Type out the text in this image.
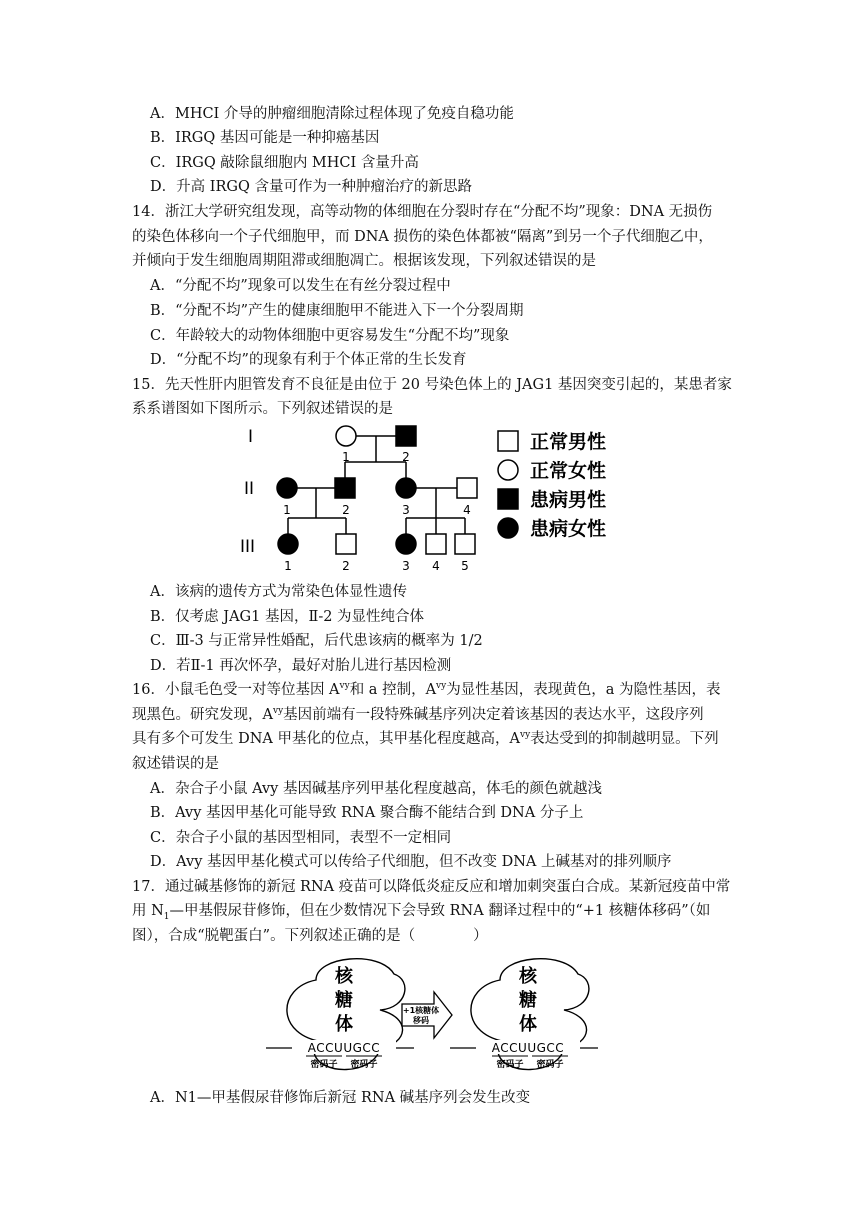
A．MHCI 介导的肿瘤细胞清除过程体现了免疫自稳功能
B．IRGQ 基因可能是一种抑癌基因
C．IRGQ 敲除鼠细胞内 MHCI 含量升高
D．升高 IRGQ 含量可作为一种肿瘤治疗的新思路
14．浙江大学研究组发现，高等动物的体细胞在分裂时存在“分配不均”现象：DNA 无损伤
的染色体移向一个子代细胞甲，而 DNA 损伤的染色体都被“隔离”到另一个子代细胞乙中，
并倾向于发生细胞周期阻滞或细胞凋亡。根据该发现，下列叙述错误的是
A．“分配不均”现象可以发生在有丝分裂过程中
B．“分配不均”产生的健康细胞甲不能进入下一个分裂周期
C．年龄较大的动物体细胞中更容易发生“分配不均”现象
D．“分配不均”的现象有利于个体正常的生长发育
15．先天性肝内胆管发育不良征是由位于 20 号染色体上的 JAG1 基因突变引起的，某患者家
系系谱图如下图所示。下列叙述错误的是
I
II
III
1	2
1	2	3	4
1	2	3 4 5
正常男性
正常女性
患病男性
患病女性
A．该病的遗传方式为常染色体显性遗传
B．仅考虑 JAG1 基因，Ⅱ-2 为显性纯合体
C．Ⅲ-3 与正常异性婚配，后代患该病的概率为 1/2
D．若Ⅱ-1 再次怀孕，最好对胎儿进行基因检测
16．小鼠毛色受一对等位基因 $A^{vy}$和 a 控制，$A^{vy}$为显性基因，表现黄色，a 为隐性基因，表
现黑色。研究发现，$A^{vy}$基因前端有一段特殊碱基序列决定着该基因的表达水平，这段序列
具有多个可发生 DNA 甲基化的位点，其甲基化程度越高，$A^{vy}$表达受到的抑制越明显。下列
叙述错误的是
A．杂合子小鼠 Avy 基因碱基序列甲基化程度越高，体毛的颜色就越浅
B．Avy 基因甲基化可能导致 RNA 聚合酶不能结合到 DNA 分子上
C．杂合子小鼠的基因型相同，表型不一定相同
D．Avy 基因甲基化模式可以传给子代细胞，但不改变 DNA 上碱基对的排列顺序
17．通过碱基修饰的新冠 RNA 疫苗可以降低炎症反应和增加刺突蛋白合成。某新冠疫苗中常
用 $N_1—$甲基假尿苷修饰，但在少数情况下会导致 RNA 翻译过程中的“+1 核糖体移码”（如
图），合成“脱靶蛋白”。下列叙述正确的是（　　　　）
+1核糖体
移码
核
糖
体
核
糖
体
ACCUUGCC	ACCUUGCC
密码子 密码子	密码子 密码子
A．N1—甲基假尿苷修饰后新冠 RNA 碱基序列会发生改变
